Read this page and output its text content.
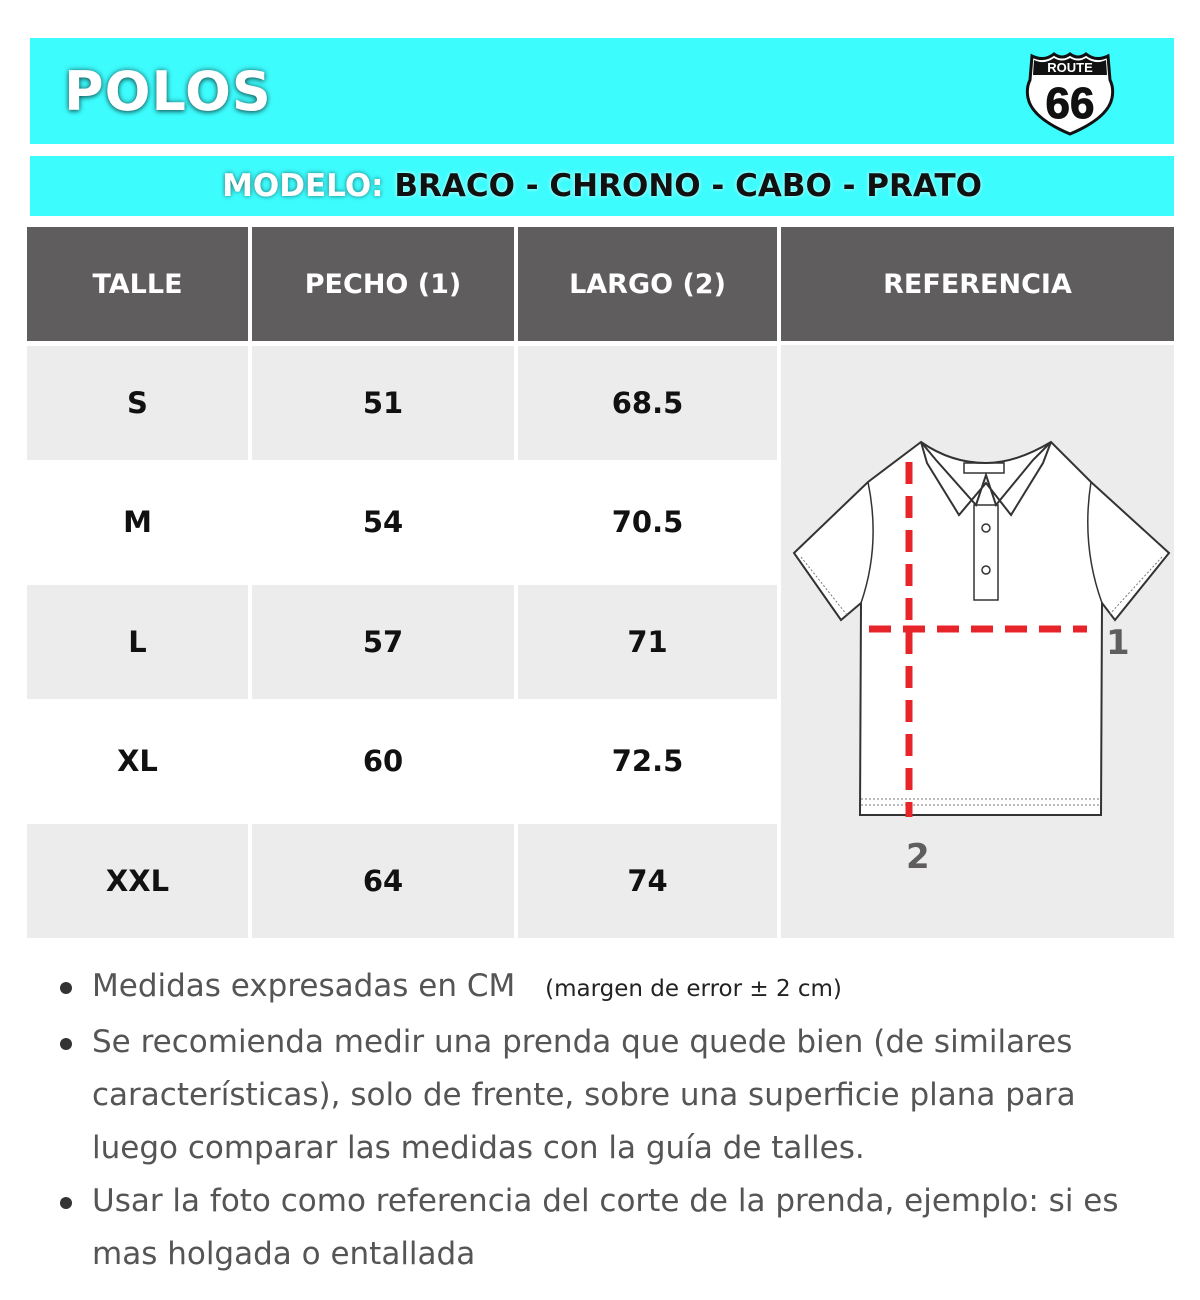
POLOS	ROUTE
66
MODELO: BRACO - CHRONO - CABO - PRATO
TALLE	PECHO (1)	LARGO (2)	REFERENCIA
S	51	68.5
M	54	70.5
L	57	71
XL	60	72.5
XXL	64	74
1
2
Medidas expresadas en CM (margen de error ± 2 cm)
Se recomienda medir una prenda que quede bien (de similares características), solo de frente, sobre una superficie plana para luego comparar las medidas con la guía de talles.
Usar la foto como referencia del corte de la prenda, ejemplo: si es mas holgada o entallada
